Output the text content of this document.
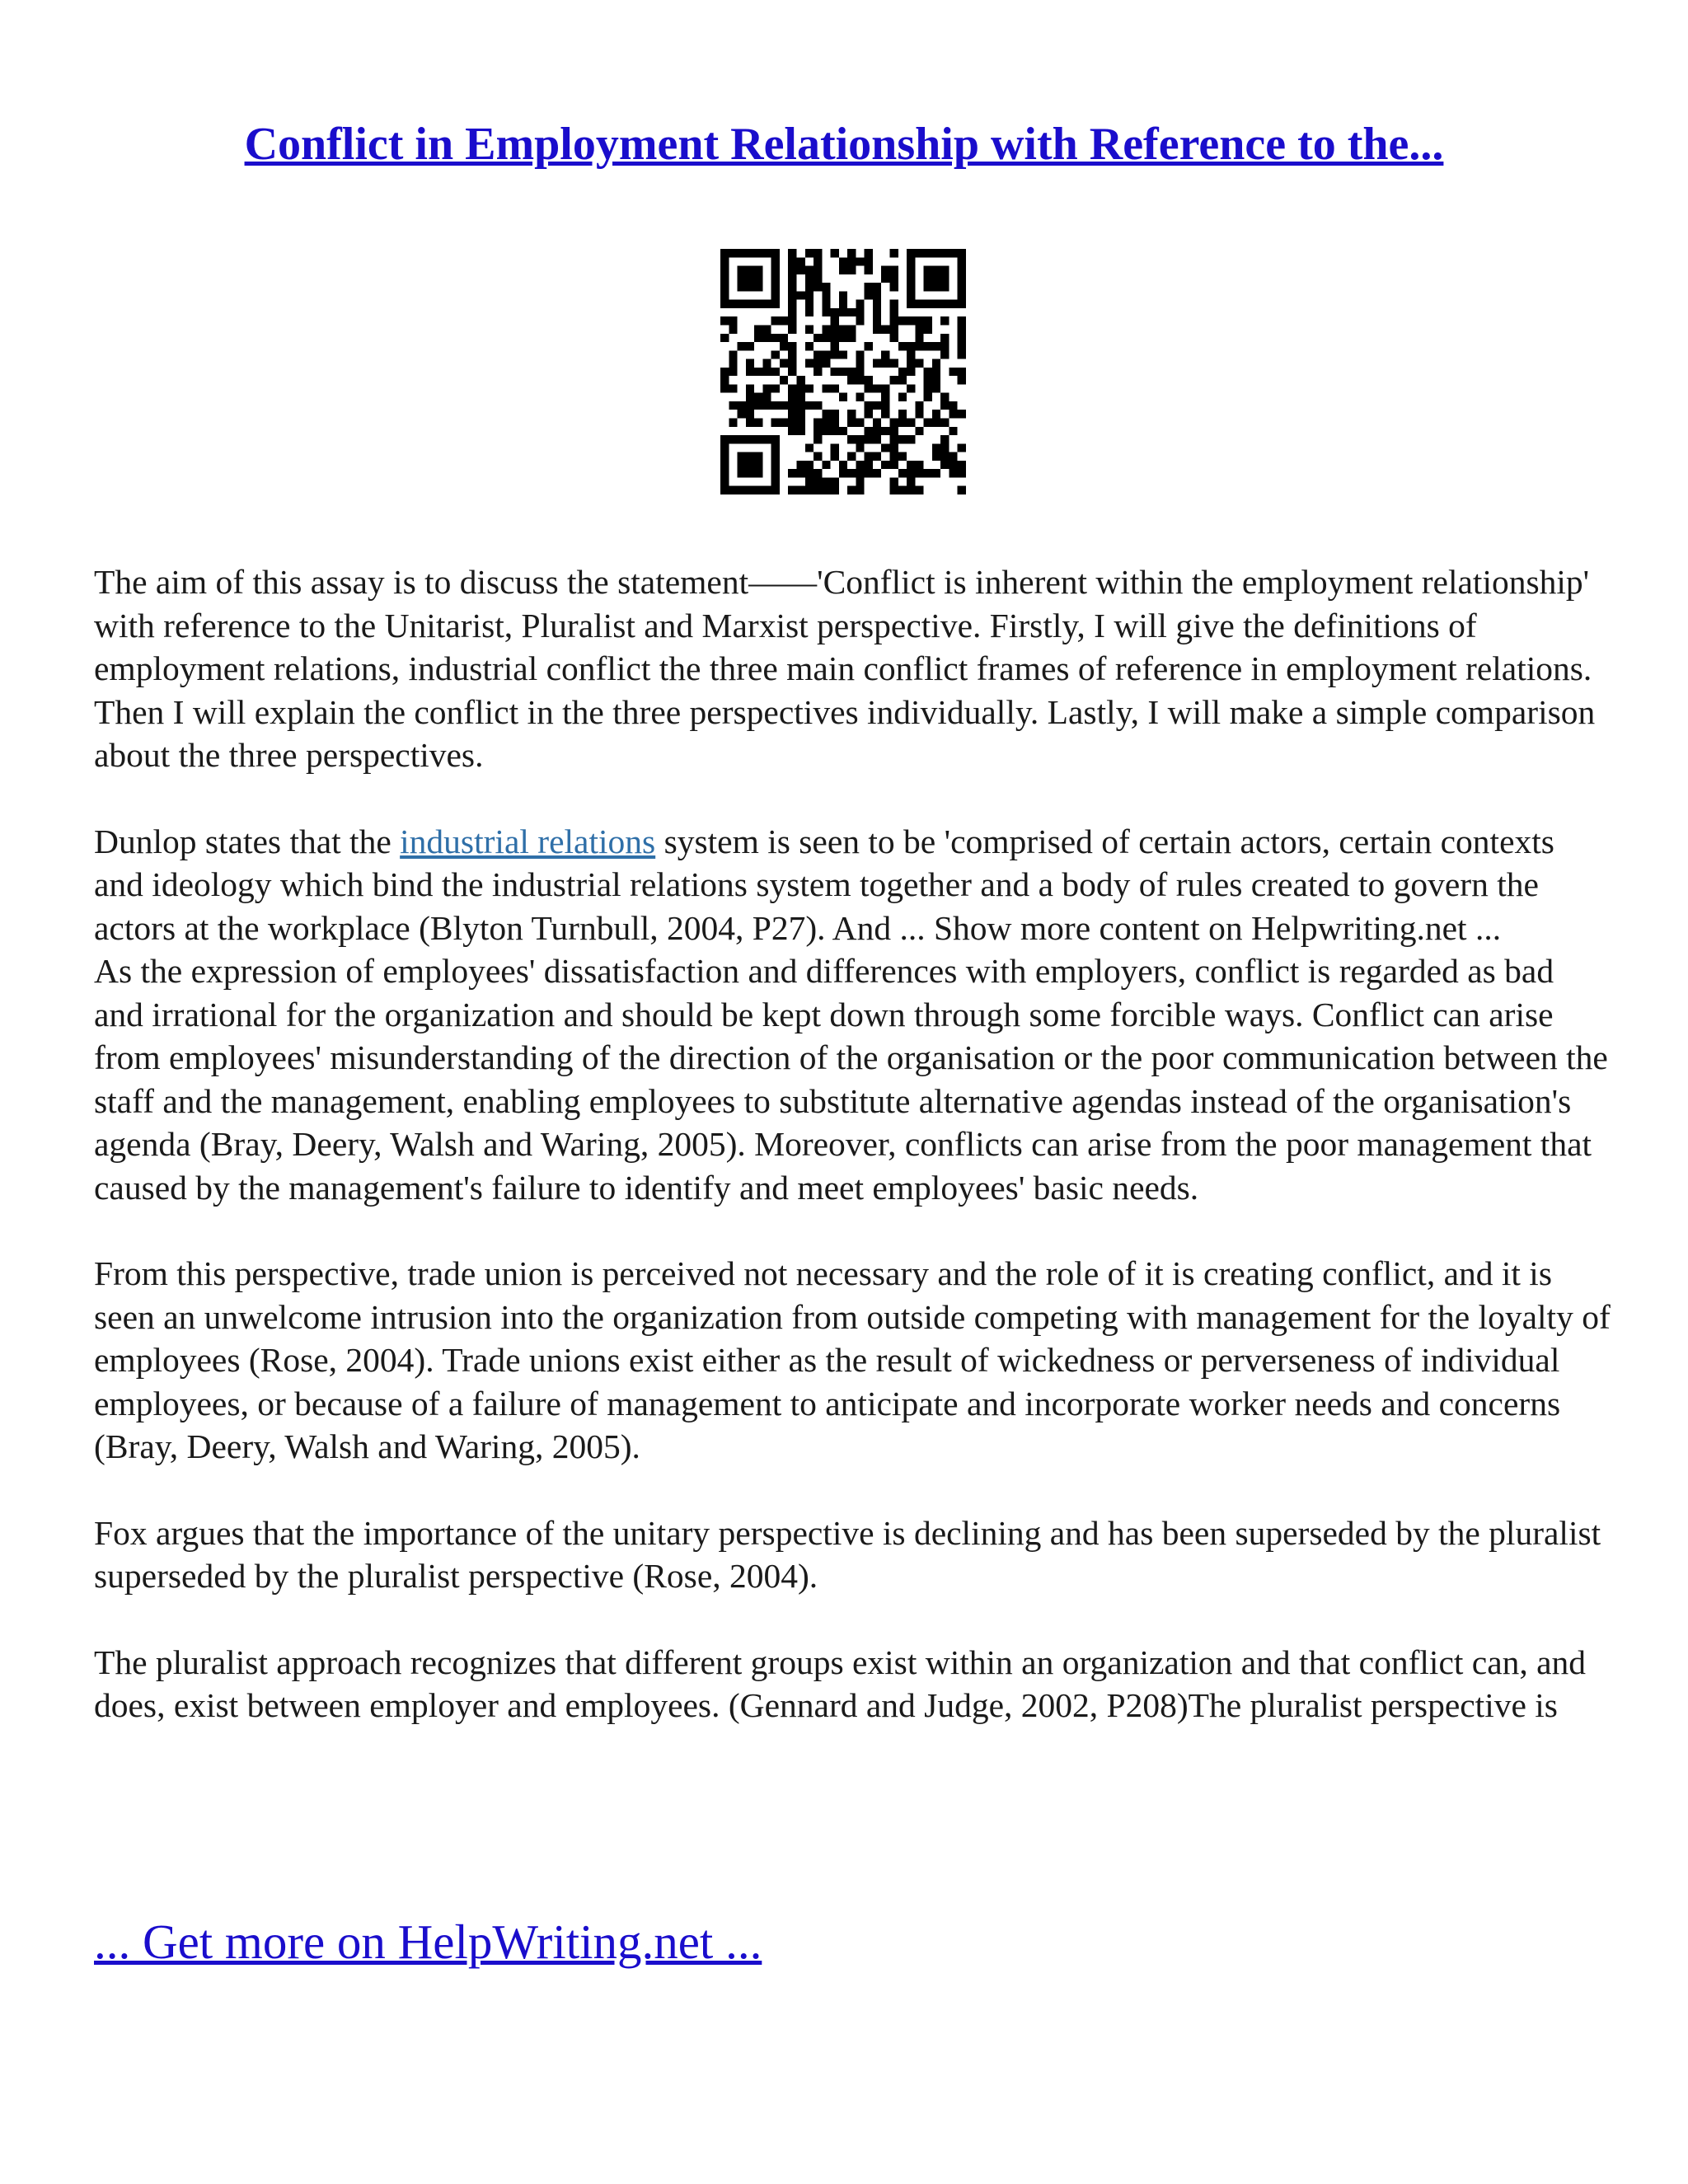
Conflict in Employment Relationship with Reference to the...

The aim of this assay is to discuss the statement——'Conflict is inherent within the employment relationship' with reference to the Unitarist, Pluralist and Marxist perspective. Firstly, I will give the definitions of employment relations, industrial conflict the three main conflict frames of reference in employment relations. Then I will explain the conflict in the three perspectives individually. Lastly, I will make a simple comparison about the three perspectives.

Dunlop states that the industrial relations system is seen to be 'comprised of certain actors, certain contexts and ideology which bind the industrial relations system together and a body of rules created to govern the actors at the workplace (Blyton Turnbull, 2004, P27). And ... Show more content on Helpwriting.net ...

As the expression of employees' dissatisfaction and differences with employers, conflict is regarded as bad and irrational for the organization and should be kept down through some forcible ways. Conflict can arise from employees' misunderstanding of the direction of the organisation or the poor communication between the staff and the management, enabling employees to substitute alternative agendas instead of the organisation's agenda (Bray, Deery, Walsh and Waring, 2005). Moreover, conflicts can arise from the poor management that caused by the management's failure to identify and meet employees' basic needs.

From this perspective, trade union is perceived not necessary and the role of it is creating conflict, and it is seen an unwelcome intrusion into the organization from outside competing with management for the loyalty of employees (Rose, 2004). Trade unions exist either as the result of wickedness or perverseness of individual employees, or because of a failure of management to anticipate and incorporate worker needs and concerns (Bray, Deery, Walsh and Waring, 2005).

Fox argues that the importance of the unitary perspective is declining and has been superseded by the pluralist superseded by the pluralist perspective (Rose, 2004).

The pluralist approach recognizes that different groups exist within an organization and that conflict can, and does, exist between employer and employees. (Gennard and Judge, 2002, P208)The pluralist perspective is

... Get more on HelpWriting.net ...
